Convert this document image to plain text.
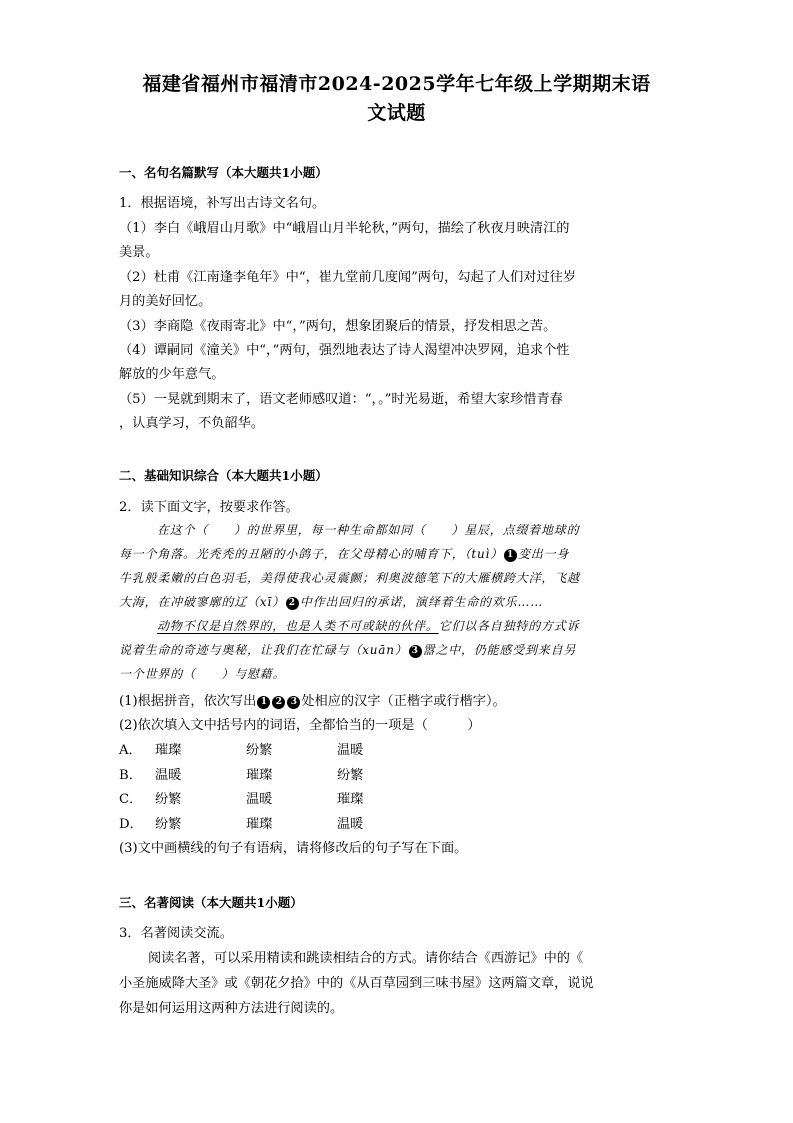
福建省福州市福清市2024-2025学年七年级上学期期末语
文试题
一、名句名篇默写（本大题共1小题）
1．根据语境，补写出古诗文名句。
（1）李白《峨眉山月歌》中“峨眉山月半轮秋，”两句，描绘了秋夜月映清江的
美景。
（2）杜甫《江南逢李龟年》中“，崔九堂前几度闻”两句，勾起了人们对过往岁
月的美好回忆。
（3）李商隐《夜雨寄北》中“，”两句，想象团聚后的情景，抒发相思之苦。
（4）谭嗣同《潼关》中“，”两句，强烈地表达了诗人渴望冲决罗网，追求个性
解放的少年意气。
（5）一晃就到期末了，语文老师感叹道：“，。”时光易逝，希望大家珍惜青春
，认真学习，不负韶华。
二、基础知识综合（本大题共1小题）
2．读下面文字，按要求作答。
在这个（　　）的世界里，每一种生命都如同（　　）星辰，点缀着地球的
每一个角落。光秃秃的丑陋的小鸽子，在父母精心的哺育下，（tuì） 1 变出一身
牛乳般柔嫩的白色羽毛，美得使我心灵震颤；利奥波德笔下的大雁横跨大洋，飞越
大海，在冲破寥廓的辽（xī） 2 中作出回归的承诺，演绎着生命的欢乐……
动物不仅是自然界的，也是人类不可或缺的伙伴。它们以各自独特的方式诉
说着生命的奇迹与奥秘，让我们在忙碌与（xuān） 3 嚣之中，仍能感受到来自另
一个世界的（　　）与慰藉。
(1)根据拼音，依次写出 1 2 3 处相应的汉字（正楷字或行楷字）。
(2)依次填入文中括号内的词语，全都恰当的一项是（　　　）
A． 璀璨	纷繁	温暖
B． 温暖	璀璨	纷繁
C． 纷繁	温暖	璀璨
D． 纷繁	璀璨	温暖
(3)文中画横线的句子有语病，请将修改后的句子写在下面。
三、名著阅读（本大题共1小题）
3．名著阅读交流。
阅读名著，可以采用精读和跳读相结合的方式。请你结合《西游记》中的《
小圣施威降大圣》或《朝花夕拾》中的《从百草园到三味书屋》这两篇文章，说说
你是如何运用这两种方法进行阅读的。
